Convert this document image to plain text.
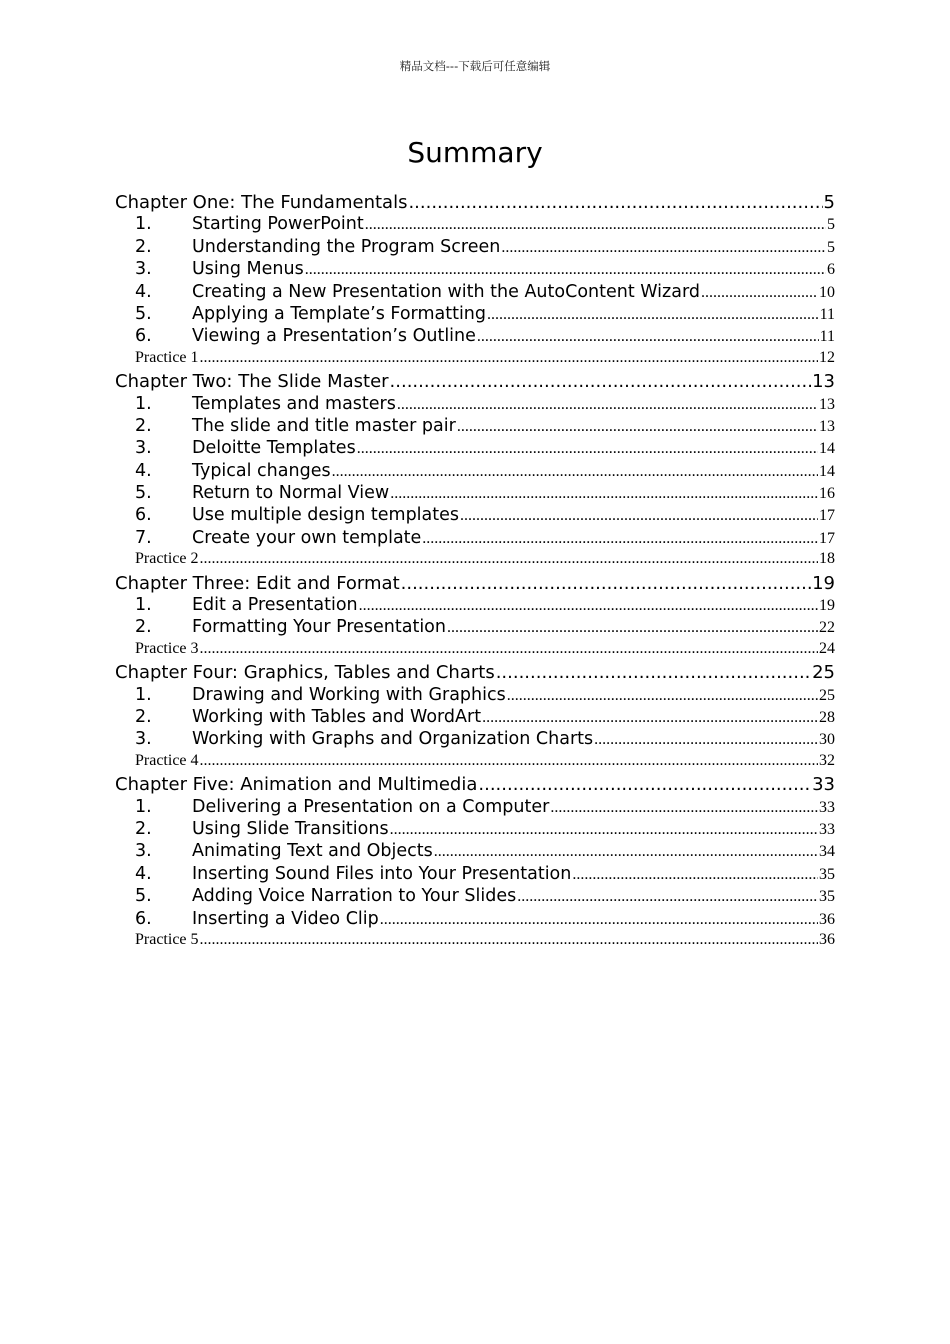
精品文档---下载后可任意编辑
Summary
Chapter One: The Fundamentals .....	5
1.	Starting PowerPoint .....	5
2.	Understanding the Program Screen .....	5
3.	Using Menus .....	6
4.	Creating a New Presentation with the AutoContent Wizard .....	10
5.	Applying a Template’s Formatting .....	11
6.	Viewing a Presentation’s Outline .....	11
Practice 1 .....	12
Chapter Two: The Slide Master .....	13
1.	Templates and masters .....	13
2.	The slide and title master pair .....	13
3.	Deloitte Templates .....	14
4.	Typical changes .....	14
5.	Return to Normal View .....	16
6.	Use multiple design templates .....	17
7.	Create your own template .....	17
Practice 2 .....	18
Chapter Three: Edit and Format .....	19
1.	Edit a Presentation .....	19
2.	Formatting Your Presentation .....	22
Practice 3 .....	24
Chapter Four: Graphics, Tables and Charts .....	25
1.	Drawing and Working with Graphics .....	25
2.	Working with Tables and WordArt .....	28
3.	Working with Graphs and Organization Charts .....	30
Practice 4 .....	32
Chapter Five: Animation and Multimedia .....	33
1.	Delivering a Presentation on a Computer .....	33
2.	Using Slide Transitions .....	33
3.	Animating Text and Objects .....	34
4.	Inserting Sound Files into Your Presentation .....	35
5.	Adding Voice Narration to Your Slides .....	35
6.	Inserting a Video Clip .....	36
Practice 5 .....	36
